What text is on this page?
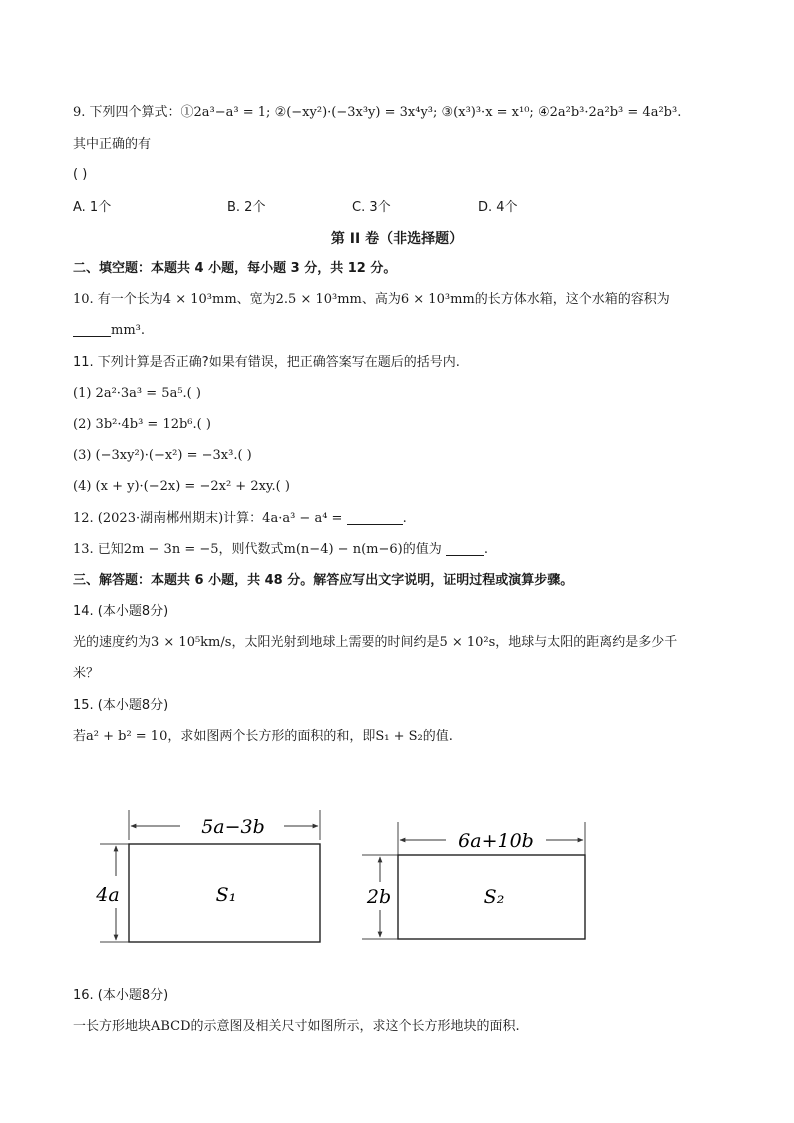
9. 下列四个算式：①2a³−a³ = 1; ②(−xy²)·(−3x³y) = 3x⁴y³; ③(x³)³·x = x¹⁰; ④2a²b³·2a²b³ = 4a²b³.
其中正确的有
( )
A. 1个	B. 2个	C. 3个	D. 4个
第 II 卷（非选择题）
二、填空题：本题共 4 小题，每小题 3 分，共 12 分。
10. 有一个长为4 × 10³mm、宽为2.5 × 10³mm、高为6 × 10³mm的长方体水箱，这个水箱的容积为
mm³.
11. 下列计算是否正确?如果有错误，把正确答案写在题后的括号内.
(1) 2a²·3a³ = 5a⁵.( )
(2) 3b²·4b³ = 12b⁶.( )
(3) (−3xy²)·(−x²) = −3x³.( )
(4) (x + y)·(−2x) = −2x² + 2xy.( )
12. (2023·湖南郴州期末)计算：4a·a³ − a⁴ =	.
13. 已知2m − 3n = −5，则代数式m(n−4) − n(m−6)的值为	.
三、解答题：本题共 6 小题，共 48 分。解答应写出文字说明，证明过程或演算步骤。
14. (本小题8分)
光的速度约为3 × 10⁵km/s，太阳光射到地球上需要的时间约是5 × 10²s，地球与太阳的距离约是多少千
米？
15. (本小题8分)
若a² + b² = 10，求如图两个长方形的面积的和，即S₁ + S₂的值.
5a−3b
4a	S₁
6a+10b
2b	S₂
16. (本小题8分)
一长方形地块ABCD的示意图及相关尺寸如图所示，求这个长方形地块的面积.
